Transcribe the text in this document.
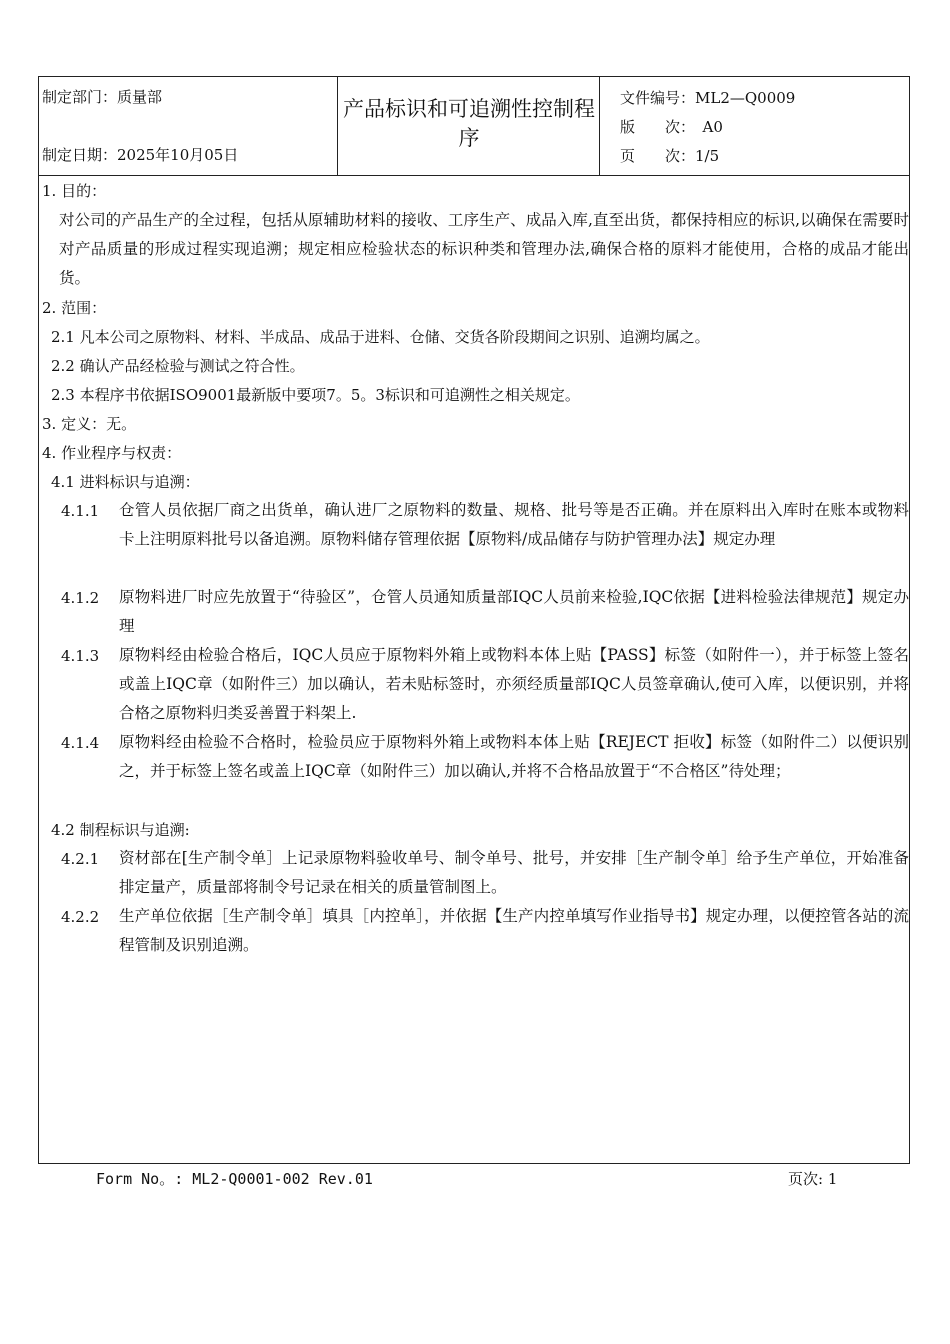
制定部门：质量部
制定日期：2025年10月05日
产品标识和可追溯性控制程序
文件编号：ML2—Q0009
版　　次：　A0
页　　次：1/5
1. 目的：
对公司的产品生产的全过程，包括从原辅助材料的接收、工序生产、成品入库,直至出货，都保持相应的标识,以确保在需要时对产品质量的形成过程实现追溯；规定相应检验状态的标识种类和管理办法,确保合格的原料才能使用，合格的成品才能出货。
2. 范围：
2.1 凡本公司之原物料、材料、半成品、成品于进料、仓储、交货各阶段期间之识别、追溯均属之。
2.2 确认产品经检验与测试之符合性。
2.3 本程序书依据ISO9001最新版中要项7。5。3标识和可追溯性之相关规定。
3. 定义：无。
4. 作业程序与权责：
4.1 进料标识与追溯：
4.1.1 仓管人员依据厂商之出货单，确认进厂之原物料的数量、规格、批号等是否正确。并在原料出入库时在账本或物料卡上注明原料批号以备追溯。原物料储存管理依据【原物料/成品储存与防护管理办法】规定办理
4.1.2 原物料进厂时应先放置于“待验区”，仓管人员通知质量部IQC人员前来检验,IQC依据【进料检验法律规范】规定办理
4.1.3 原物料经由检验合格后，IQC人员应于原物料外箱上或物料本体上贴【PASS】标签（如附件一），并于标签上签名或盖上IQC章（如附件三）加以确认，若未贴标签时，亦须经质量部IQC人员签章确认,使可入库，以便识别，并将合格之原物料归类妥善置于料架上.
4.1.4 原物料经由检验不合格时，检验员应于原物料外箱上或物料本体上贴【REJECT 拒收】标签（如附件二）以便识别之，并于标签上签名或盖上IQC章（如附件三）加以确认,并将不合格品放置于“不合格区”待处理；
4.2 制程标识与追溯:
4.2.1 资材部在[生产制令单］上记录原物料验收单号、制令单号、批号，并安排［生产制令单］给予生产单位，开始准备排定量产，质量部将制令号记录在相关的质量管制图上。
4.2.2 生产单位依据［生产制令单］填具［内控单］，并依据【生产内控单填写作业指导书】规定办理，以便控管各站的流程管制及识别追溯。
Form No。: ML2-Q0001-002 Rev.01	页次: 1
